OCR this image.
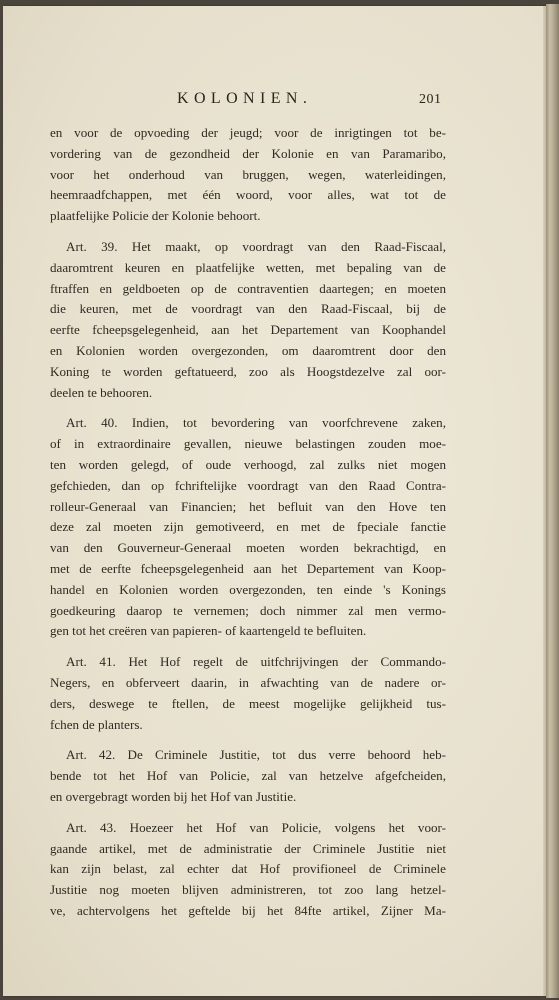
KOLONIEN.	201
en voor de opvoeding der jeugd; voor de inrigtingen tot be-
vordering van de gezondheid der Kolonie en van Paramaribo,
voor het onderhoud van bruggen, wegen, waterleidingen,
heemraadfchappen, met één woord, voor alles, wat tot de
plaatfelijke Policie der Kolonie behoort.
Art. 39. Het maakt, op voordragt van den Raad-Fiscaal,
daaromtrent keuren en plaatfelijke wetten, met bepaling van de
ftraffen en geldboeten op de contraventien daartegen; en moeten
die keuren, met de voordragt van den Raad-Fiscaal, bij de
eerfte fcheepsgelegenheid, aan het Departement van Koophandel
en Kolonien worden overgezonden, om daaromtrent door den
Koning te worden geftatueerd, zoo als Hoogstdezelve zal oor-
deelen te behooren.
Art. 40. Indien, tot bevordering van voorfchrevene zaken,
of in extraordinaire gevallen, nieuwe belastingen zouden moe-
ten worden gelegd, of oude verhoogd, zal zulks niet mogen
gefchieden, dan op fchriftelijke voordragt van den Raad Contra-
rolleur-Generaal van Financien; het befluit van den Hove ten
deze zal moeten zijn gemotiveerd, en met de fpeciale fanctie
van den Gouverneur-Generaal moeten worden bekrachtigd, en
met de eerfte fcheepsgelegenheid aan het Departement van Koop-
handel en Kolonien worden overgezonden, ten einde 's Konings
goedkeuring daarop te vernemen; doch nimmer zal men vermo-
gen tot het creëren van papieren- of kaartengeld te befluiten.
Art. 41. Het Hof regelt de uitfchrijvingen der Commando-
Negers, en obferveert daarin, in afwachting van de nadere or-
ders, deswege te ftellen, de meest mogelijke gelijkheid tus-
fchen de planters.
Art. 42. De Criminele Justitie, tot dus verre behoord heb-
bende tot het Hof van Policie, zal van hetzelve afgefcheiden,
en overgebragt worden bij het Hof van Justitie.
Art. 43. Hoezeer het Hof van Policie, volgens het voor-
gaande artikel, met de administratie der Criminele Justitie niet
kan zijn belast, zal echter dat Hof provifioneel de Criminele
Justitie nog moeten blijven administreren, tot zoo lang hetzel-
ve, achtervolgens het geftelde bij het 84fte artikel, Zijner Ma-
